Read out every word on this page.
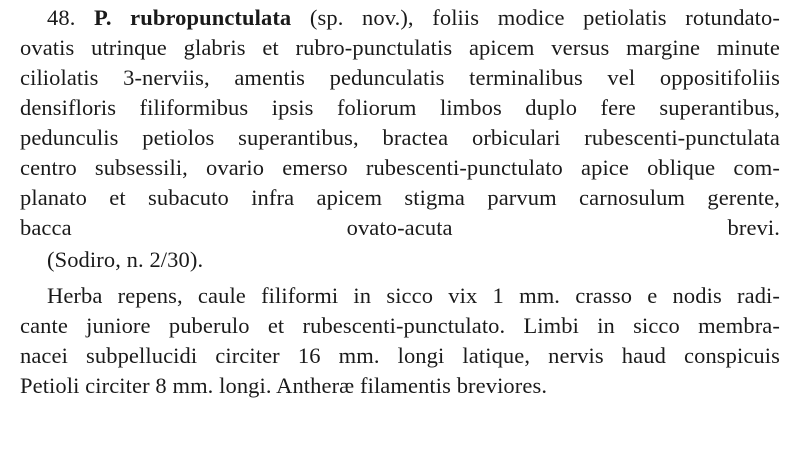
48. P. rubropunctulata (sp. nov.), foliis modice petiolatis rotundato-
ovatis utrinque glabris et rubro-punctulatis apicem versus margine minute
ciliolatis 3-nerviis, amentis pedunculatis terminalibus vel oppositifoliis
densifloris filiformibus ipsis foliorum limbos duplo fere superantibus,
pedunculis petiolos superantibus, bractea orbiculari rubescenti-punctulata
centro subsessili, ovario emerso rubescenti-punctulato apice oblique com-
planato et subacuto infra apicem stigma parvum carnosulum gerente,
bacca ovato-acuta brevi.
(Sodiro, n. 2/30).
Herba repens, caule filiformi in sicco vix 1 mm. crasso e nodis radi-
cante juniore puberulo et rubescenti-punctulato. Limbi in sicco membra-
nacei subpellucidi circiter 16 mm. longi latique, nervis haud conspicuis
Petioli circiter 8 mm. longi. Antheræ filamentis breviores.
